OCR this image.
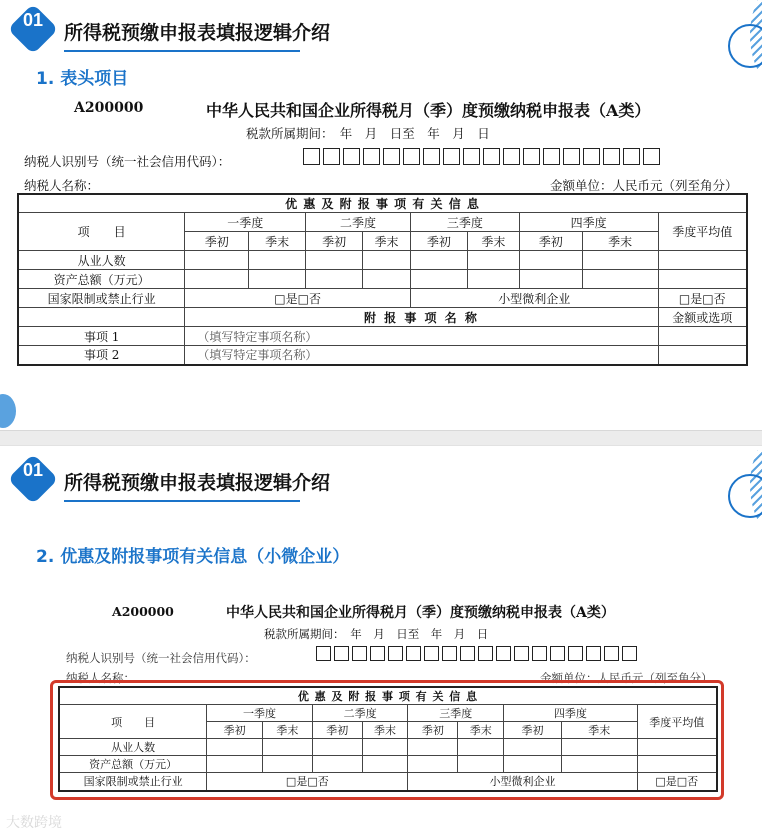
01
所得税预缴申报表填报逻辑介绍
1. 表头项目
A200000	中华人民共和国企业所得税月（季）度预缴纳税申报表（A类）
税款所属期间：　年　月　日至　年　月　日
纳税人识别号（统一社会信用代码）：
纳税人名称：	金额单位：人民币元（列至角分）
优 惠 及 附 报 事 项 有 关 信 息									
项　　目	一季度		二季度		三季度		四季度		季度平均值
	季初	季末	季初	季末	季初	季末	季初	季末	
从业人数									
资产总额（万元）									
国家限制或禁止行业	□是□否				小型微利企业				□是□否
	附 报 事 项 名 称								金额或选项
事项 1	（填写特定事项名称）								
事项 2	（填写特定事项名称）								
01
所得税预缴申报表填报逻辑介绍
2. 优惠及附报事项有关信息（小微企业）
A200000	中华人民共和国企业所得税月（季）度预缴纳税申报表（A类）
税款所属期间：　年　月　日至　年　月　日
纳税人识别号（统一社会信用代码）：
纳税人名称：	金额单位：人民币元（列至角分）
优 惠 及 附 报 事 项 有 关 信 息									
项　　目	一季度		二季度		三季度		四季度		季度平均值
	季初	季末	季初	季末	季初	季末	季初	季末	
从业人数									
资产总额（万元）									
国家限制或禁止行业	□是□否				小型微利企业				□是□否
大数跨境
